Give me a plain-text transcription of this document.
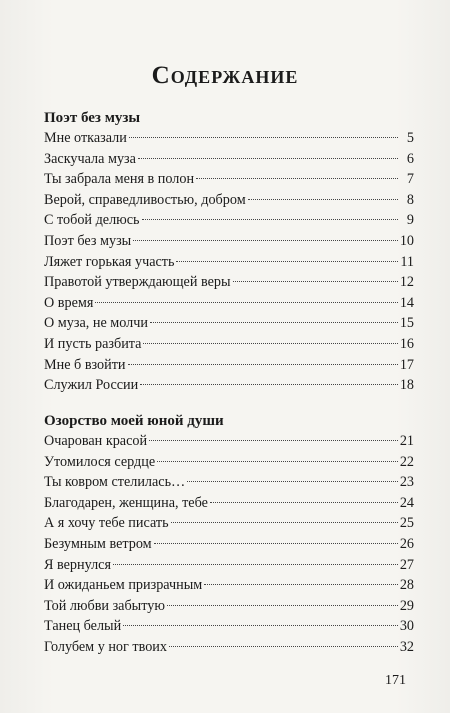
Содержание
Поэт без музы
Мне отказали	5
Заскучала муза	6
Ты забрала меня в полон	7
Верой, справедливостью, добром	8
С тобой делюсь	9
Поэт без музы	10
Ляжет горькая участь	11
Правотой утверждающей веры	12
О время	14
О муза, не молчи	15
И пусть разбита	16
Мне б взойти	17
Служил России	18
Озорство моей юной души
Очарован красой	21
Утомилося сердце	22
Ты ковром стелилась…	23
Благодарен, женщина, тебе	24
А я хочу тебе писать	25
Безумным ветром	26
Я вернулся	27
И ожиданьем призрачным	28
Той любви забытую	29
Танец белый	30
Голубем у ног твоих	32
171
